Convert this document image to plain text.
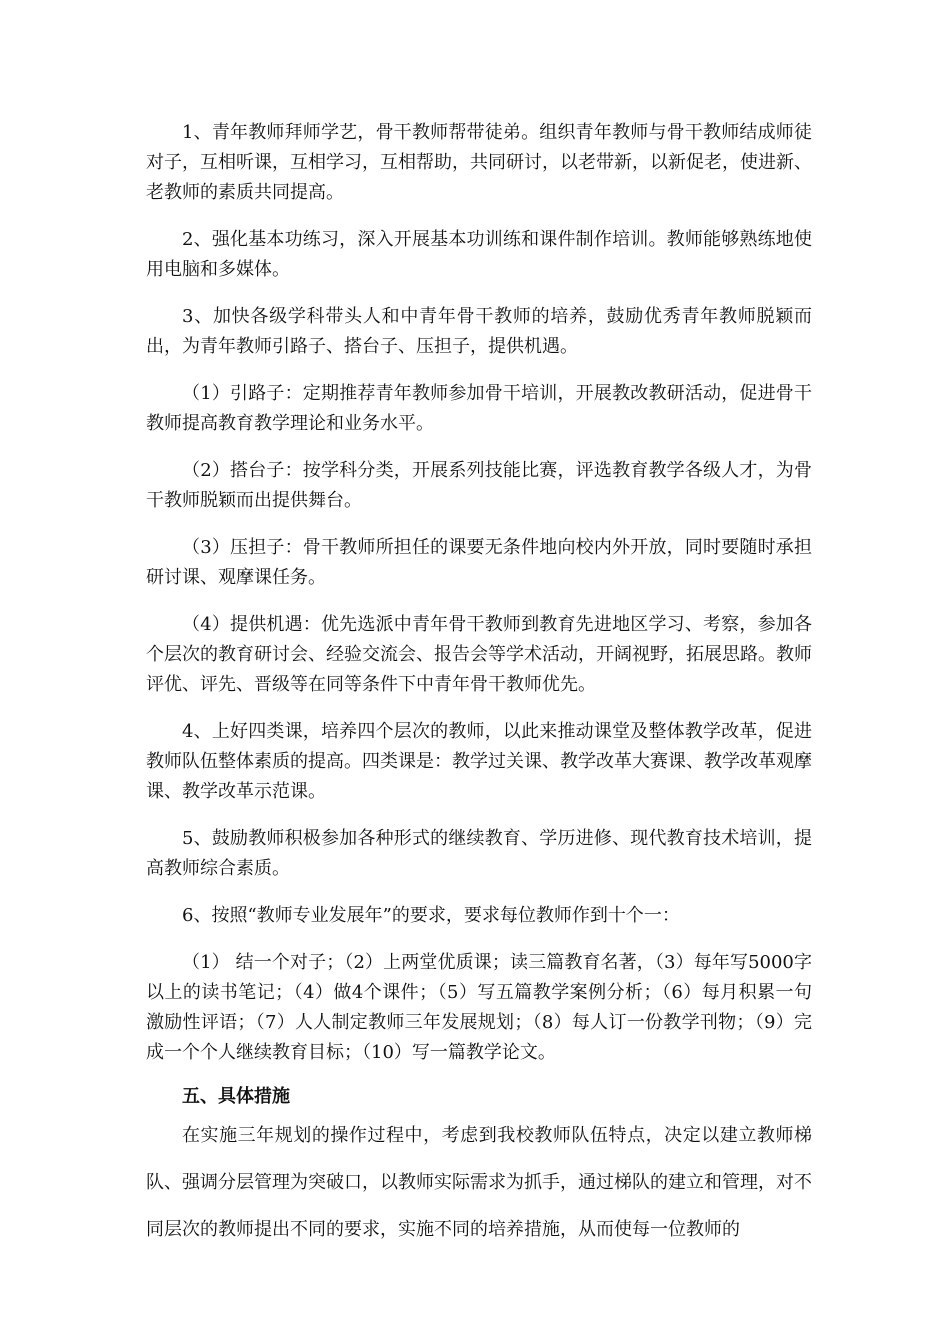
1、青年教师拜师学艺，骨干教师帮带徒弟。组织青年教师与骨干教师结成师徒对子，互相听课，互相学习，互相帮助，共同研讨，以老带新，以新促老，使进新、老教师的素质共同提高。

2、强化基本功练习，深入开展基本功训练和课件制作培训。教师能够熟练地使用电脑和多媒体。

3、加快各级学科带头人和中青年骨干教师的培养，鼓励优秀青年教师脱颖而出，为青年教师引路子、搭台子、压担子，提供机遇。

（1）引路子：定期推荐青年教师参加骨干培训，开展教改教研活动，促进骨干教师提高教育教学理论和业务水平。

（2）搭台子：按学科分类，开展系列技能比赛，评选教育教学各级人才，为骨干教师脱颖而出提供舞台。

（3）压担子：骨干教师所担任的课要无条件地向校内外开放，同时要随时承担研讨课、观摩课任务。

（4）提供机遇：优先选派中青年骨干教师到教育先进地区学习、考察，参加各个层次的教育研讨会、经验交流会、报告会等学术活动，开阔视野，拓展思路。教师评优、评先、晋级等在同等条件下中青年骨干教师优先。

4、上好四类课，培养四个层次的教师，以此来推动课堂及整体教学改革，促进教师队伍整体素质的提高。四类课是：教学过关课、教学改革大赛课、教学改革观摩课、教学改革示范课。

5、鼓励教师积极参加各种形式的继续教育、学历进修、现代教育技术培训，提高教师综合素质。

6、按照“教师专业发展年”的要求，要求每位教师作到十个一：

（1） 结一个对子；（2）上两堂优质课；读三篇教育名著，（3）每年写5000字以上的读书笔记；（4）做4个课件；（5）写五篇教学案例分析；（6）每月积累一句激励性评语；（7）人人制定教师三年发展规划；（8）每人订一份教学刊物；（9）完成一个个人继续教育目标；（10）写一篇教学论文。

五、具体措施

在实施三年规划的操作过程中，考虑到我校教师队伍特点，决定以建立教师梯队、强调分层管理为突破口，以教师实际需求为抓手，通过梯队的建立和管理，对不同层次的教师提出不同的要求，实施不同的培养措施，从而使每一位教师的
